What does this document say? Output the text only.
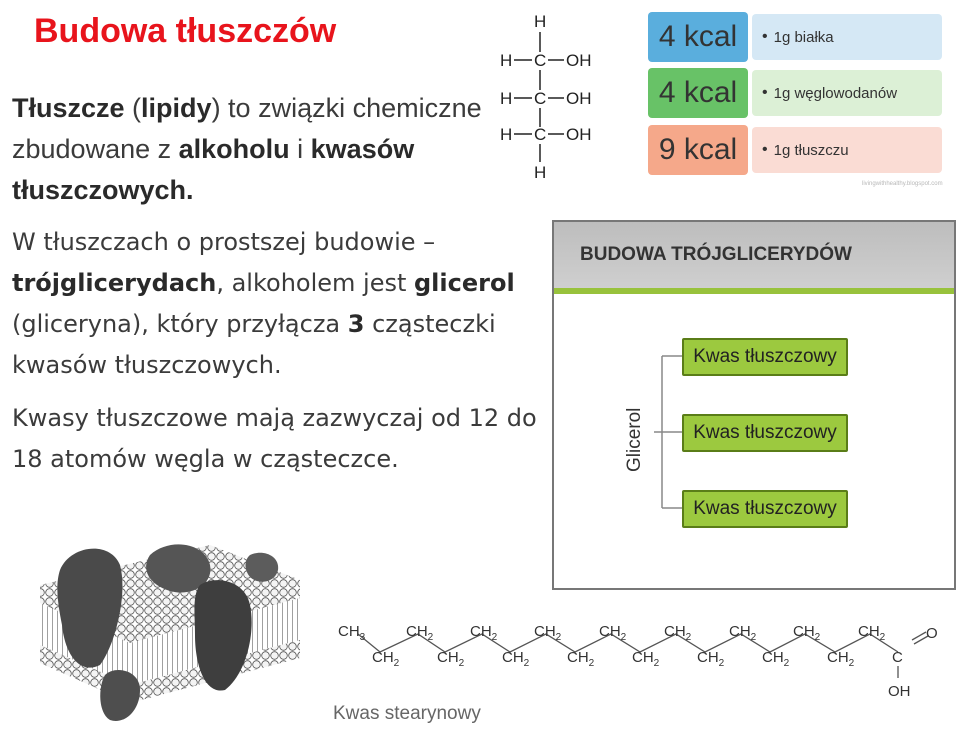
Budowa tłuszczów
Tłuszcze (lipidy) to związki chemiczne zbudowane z alkoholu i kwasów tłuszczowych.
W tłuszczach o prostszej budowie – trójglicerydach, alkoholem jest glicerol (gliceryna), który przyłącza 3 cząsteczki kwasów tłuszczowych.
Kwasy tłuszczowe mają zazwyczaj od 12 do 18 atomów węgla w cząsteczce.
H
H C OH
H C OH
H C OH
H
4 kcal	• 1g białka
4 kcal	• 1g węglowodanów
9 kcal	• 1g tłuszczu
livingwithhealthy.blogspot.com
BUDOWA TRÓJGLICERYDÓW
Glicerol
Kwas tłuszczowy
Kwas tłuszczowy
Kwas tłuszczowy
$CH_3$	$CH_2$ $CH_2$ $CH_2$	$CH_2$	$CH_2$	$CH_2$ $CH_2$	$CH_2$
$CH_2$	$CH_2$	$CH_2$	$CH_2$	$CH_2$	$CH_2$	$CH_2$	$CH_2$
O
C
OH
Kwas stearynowy
